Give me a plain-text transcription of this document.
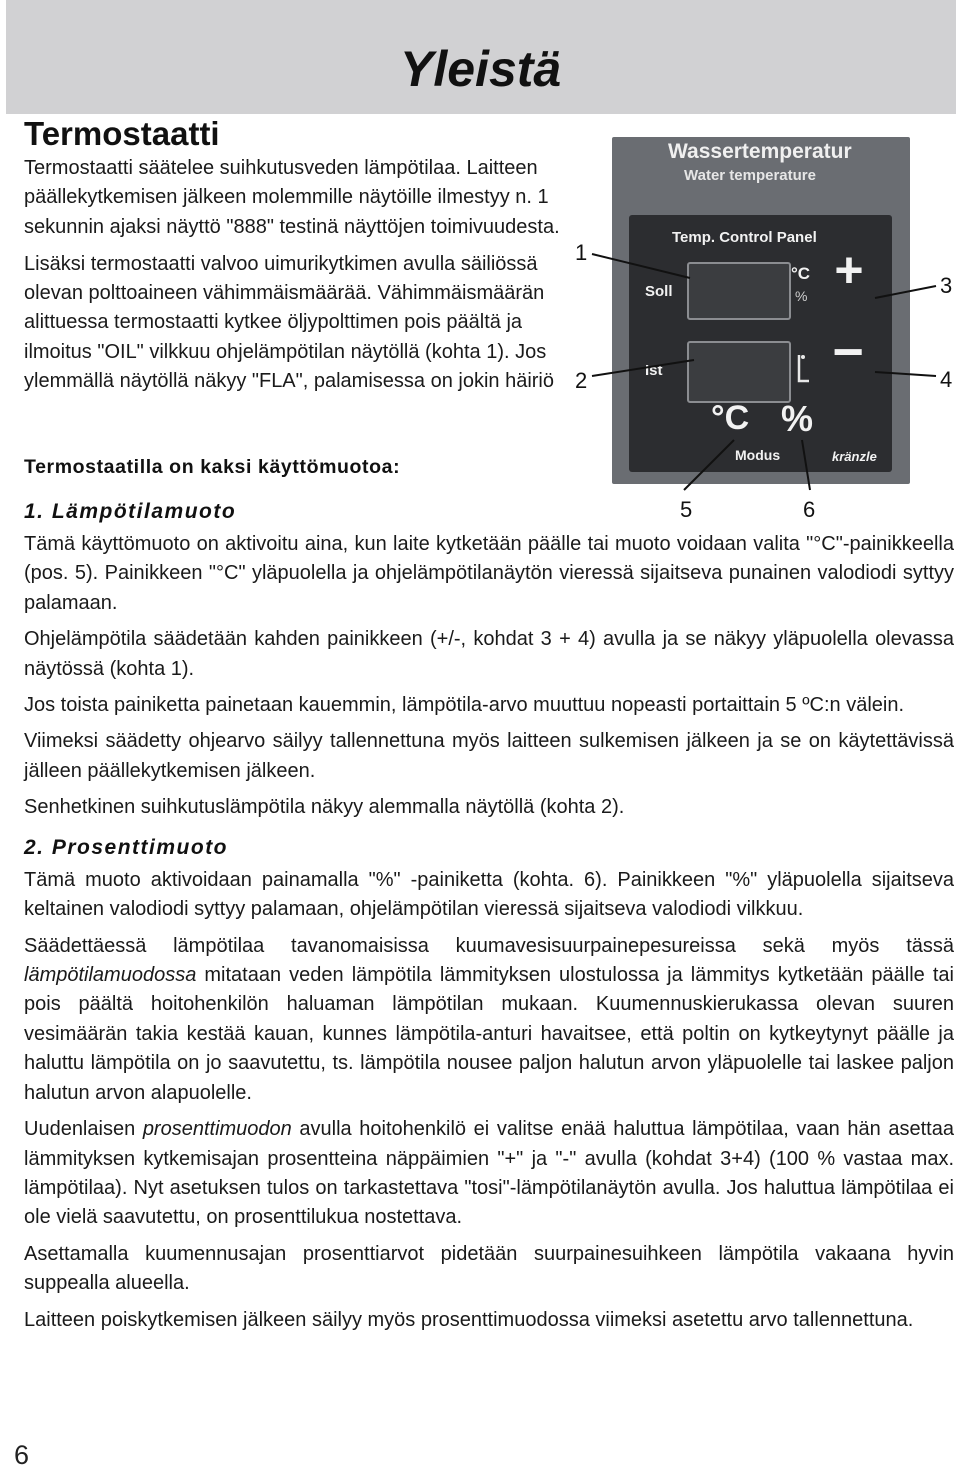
Yleistä
Termostaatti

Termostaatti säätelee suihkutusveden lämpötilaa. Laitteen päällekytkemisen jälkeen molemmille näytöille ilmestyy n. 1 sekunnin ajaksi näyttö "888" testinä näyttöjen toimivuudesta.

Lisäksi termostaatti valvoo uimurikytkimen avulla säiliössä olevan polttoaineen vähimmäismäärää. Vähimmäismäärän alittuessa termostaatti kytkee öljypolttimen pois päältä ja ilmoitus "OIL" vilkkuu ohjelämpötilan näytöllä (kohta 1). Jos ylemmällä näytöllä näkyy "FLA", palamisessa on jokin häiriö

Termostaatilla on kaksi käyttömuotoa:
1. Lämpötilamuoto
Wassertemperatur
Water temperature
Temp. Control Panel
Soll
Ist
°C
% +
−
°C %
Modus	kränzle
1
2
3
4
5	6

Tämä käyttömuoto on aktivoitu aina, kun laite kytketään päälle tai muoto voidaan valita "°C"-painikkeella (pos. 5). Painikkeen "°C" yläpuolella ja ohjelämpötilanäytön vieressä sijaitseva punainen valodiodi syttyy palamaan.

Ohjelämpötila säädetään kahden painikkeen (+/-, kohdat 3 + 4) avulla ja se näkyy yläpuolella olevassa näytössä (kohta 1).

Jos toista painiketta painetaan kauemmin, lämpötila-arvo muuttuu nopeasti portaittain 5 ºC:n välein.

Viimeksi säädetty ohjearvo säilyy tallennettuna myös laitteen sulkemisen jälkeen ja se on käytettävissä jälleen päällekytkemisen jälkeen.

Senhetkinen suihkutuslämpötila näkyy alemmalla näytöllä (kohta 2).

2. Prosenttimuoto

Tämä muoto aktivoidaan painamalla "%" -painiketta (kohta. 6). Painikkeen "%" yläpuolella sijaitseva keltainen valodiodi syttyy palamaan, ohjelämpötilan vieressä sijaitseva valodiodi vilkkuu.

Säädettäessä lämpötilaa tavanomaisissa kuumavesisuurpainepesureissa sekä myös tässä lämpötilamuodossa mitataan veden lämpötila lämmityksen ulostulossa ja lämmitys kytketään päälle tai pois päältä hoitohenkilön haluaman lämpötilan mukaan. Kuumennuskierukassa olevan suuren vesimäärän takia kestää kauan, kunnes lämpötila-anturi havaitsee, että poltin on kytkeytynyt päälle ja haluttu lämpötila on jo saavutettu, ts. lämpötila nousee paljon halutun arvon yläpuolelle tai laskee paljon halutun arvon alapuolelle.

Uudenlaisen prosenttimuodon avulla hoitohenkilö ei valitse enää haluttua lämpötilaa, vaan hän asettaa lämmityksen kytkemisajan prosentteina näppäimien "+" ja "-" avulla (kohdat 3+4) (100 % vastaa max. lämpötilaa). Nyt asetuksen tulos on tarkastettava "tosi"-lämpötilanäytön avulla. Jos haluttua lämpötilaa ei ole vielä saavutettu, on prosenttilukua nostettava.

Asettamalla kuumennusajan prosenttiarvot pidetään suurpainesuihkeen lämpötila vakaana hyvin suppealla alueella.

Laitteen poiskytkemisen jälkeen säilyy myös prosenttimuodossa viimeksi asetettu arvo tallennettuna.

6
